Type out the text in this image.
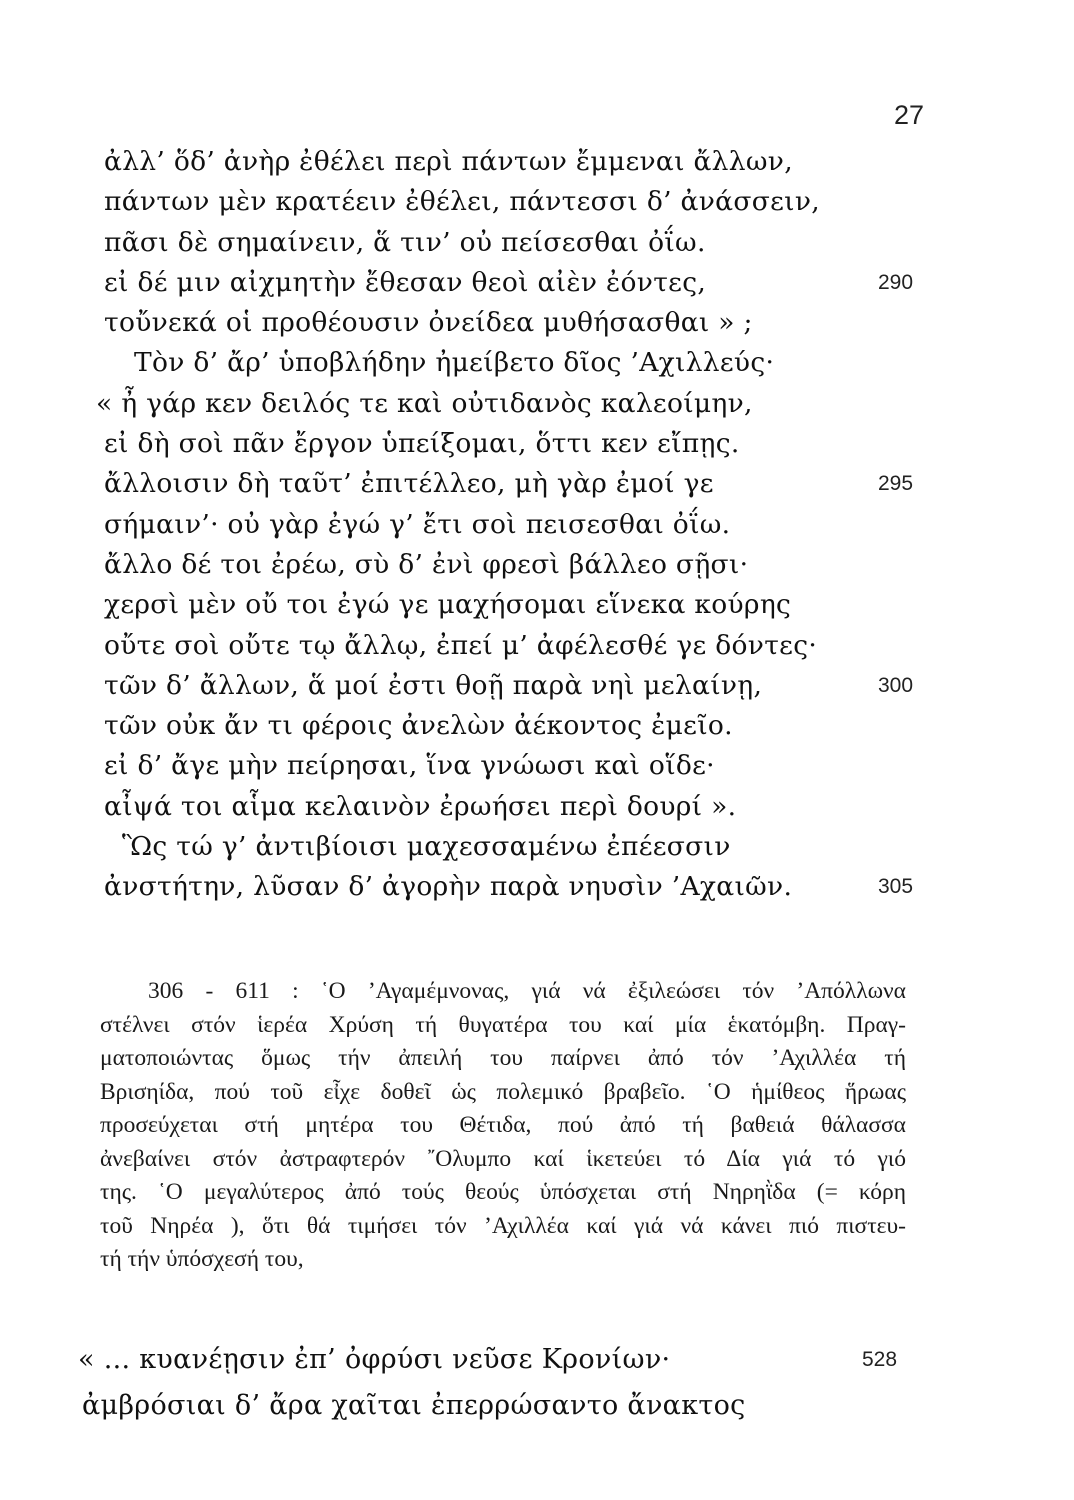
27
ἀλλ’ ὅδ’ ἀνὴρ ἐθέλει περὶ πάντων ἔμμεναι ἄλλων,
πάντων μὲν κρατέειν ἐθέλει, πάντεσσι δ’ ἀνάσσειν,
πᾶσι δὲ σημαίνειν, ἅ τιν’ οὐ πείσεσθαι ὀΐω.
εἰ δέ μιν αἰχμητὴν ἔθεσαν θεοὶ αἰὲν ἐόντες,	290
τοὔνεκά οἱ προθέουσιν ὀνείδεα μυθήσασθαι » ;
Τὸν δ’ ἄρ’ ὑποβλήδην ἠμείβετο δῖος ’Αχιλλεύς·
« ἦ γάρ κεν δειλός τε καὶ οὐτιδανὸς καλεοίμην,
εἰ δὴ σοὶ πᾶν ἔργον ὑπείξομαι, ὅττι κεν εἴπῃς.
ἄλλοισιν δὴ ταῦτ’ ἐπιτέλλεο, μὴ γὰρ ἐμοί γε	295
σήμαιν’· οὐ γὰρ ἐγώ γ’ ἔτι σοὶ πεισεσθαι ὀΐω.
ἄλλο δέ τοι ἐρέω, σὺ δ’ ἐνὶ φρεσὶ βάλλεο σῇσι·
χερσὶ μὲν οὔ τοι ἐγώ γε μαχήσομαι εἵνεκα κούρης
οὔτε σοὶ οὔτε τῳ ἄλλῳ, ἐπεί μ’ ἀφέλεσθέ γε δόντες·
τῶν δ’ ἄλλων, ἅ μοί ἐστι θοῇ παρὰ νηὶ μελαίνῃ,	300
τῶν οὐκ ἄν τι φέροις ἀνελὼν ἀέκοντος ἐμεῖο.
εἰ δ’ ἄγε μὴν πείρησαι, ἵνα γνώωσι καὶ οἵδε·
αἶψά τοι αἷμα κελαινὸν ἐρωήσει περὶ δουρί ».
Ὣς τώ γ’ ἀντιβίοισι μαχεσσαμένω ἐπέεσσιν
ἀνστήτην, λῦσαν δ’ ἀγορὴν παρὰ νηυσὶν ’Αχαιῶν.	305
306 - 611 : ῾Ο ’Αγαμέμνονας, γιά νά ἐξιλεώσει τόν ’Απόλλωνα
στέλνει στόν ἱερέα Χρύση τή θυγατέρα του καί μία ἑκατόμβη. Πραγ-
ματοποιώντας ὅμως τήν ἀπειλή του παίρνει ἀπό τόν ’Αχιλλέα τή
Βρισηίδα, πού τοῦ εἶχε δοθεῖ ὡς πολεμικό βραβεῖο. ῾Ο ἡμίθεος ἥρωας
προσεύχεται στή μητέρα του Θέτιδα, πού ἀπό τή βαθειά θάλασσα
ἀνεβαίνει στόν ἀστραφτερόν ῎Ολυμπο καί ἱκετεύει τό Δία γιά τό γιό
της. ῾Ο μεγαλύτερος ἀπό τούς θεούς ὑπόσχεται στή Νηρηῒδα (= κόρη
τοῦ Νηρέα ), ὅτι θά τιμήσει τόν ’Αχιλλέα καί γιά νά κάνει πιό πιστευ-
τή τήν ὑπόσχεσή του,
« ... κυανέῃσιν ἐπ’ ὀφρύσι νεῦσε Κρονίων·	528
ἀμβρόσιαι δ’ ἄρα χαῖται ἐπερρώσαντο ἄνακτος
